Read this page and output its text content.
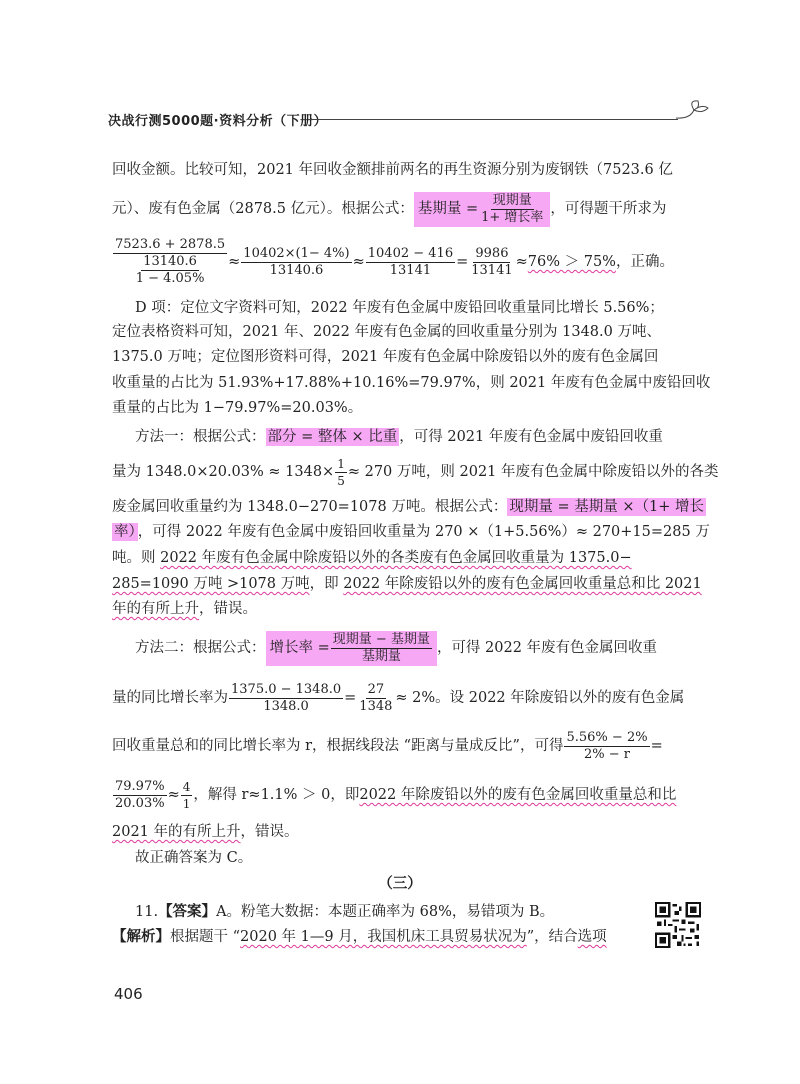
决战行测5000题·资料分析（下册）
回收金额。比较可知，2021 年回收金额排前两名的再生资源分别为废钢铁（7523.6 亿
元）、废有色金属（2878.5 亿元）。根据公式： 基期量 = $\frac{\text{现期量}}{\text{1+ 增长率}}$ ，可得题干所求为
$\frac{7523.6 + 2878.5}{\frac{13140.6}{1 - 4.05\%}} \approx \frac{10402\times(1- 4\%)}{13140.6} \approx \frac{10402 - 416}{13141} = \frac{9986}{13141} \approx 76\% > 75\%$ ，正确。
D 项：定位文字资料可知，2022 年废有色金属中废铅回收重量同比增长 5.56%；
定位表格资料可知，2021 年、2022 年废有色金属的回收重量分别为 1348.0 万吨、
1375.0 万吨；定位图形资料可得，2021 年废有色金属中除废铅以外的废有色金属回
收重量的占比为 51.93%+17.88%+10.16%=79.97%，则 2021 年废有色金属中废铅回收
重量的占比为 1−79.97%=20.03%。
方法一：根据公式： 部分 = 整体 × 比重 ，可得 2021 年废有色金属中废铅回收重
量为 $1348.0\times 20.03\% \approx 1348\times \frac{1}{5} \approx 270$ 万吨，则 2021 年废有色金属中除废铅以外的各类
废金属回收重量约为 1348.0−270=1078 万吨。根据公式： 现期量 = 基期量 ×（1+ 增长
率） ，可得 2022 年废有色金属中废铅回收重量为 270 ×（1+5.56%）≈ 270+15=285 万
吨。则 2022 年废有色金属中除废铅以外的各类废有色金属回收重量为 1375.0−
285=1090 万吨 >1078 万吨，即 2022 年除废铅以外的废有色金属回收重量总和比 2021
年的有所上升，错误。
方法二：根据公式： 增长率 = $\frac{\text{现期量 − 基期量}}{\text{基期量}}$ ，可得 2022 年废有色金属回收重
量的同比增长率为 $\frac{1375.0 - 1348.0}{1348.0} = \frac{27}{1348} \approx 2\%$。设 2022 年除废铅以外的废有色金属
回收重量总和的同比增长率为 r，根据线段法 “距离与量成反比”，可得 $\frac{5.56\% - 2\%}{2\% - r}$ =
$\frac{79.97\%}{20.03\%} \approx \frac{4}{1}$ ，解得 r≈1.1% ＞ 0，即 2022 年除废铅以外的废有色金属回收重量总和比
2021 年的有所上升，错误。
故正确答案为 C。
（三）
11.【答案】A。粉笔大数据：本题正确率为 68%，易错项为 B。
【解析】根据题干 “2020 年 1—9 月，我国机床工具贸易状况为”，结合选项
406
